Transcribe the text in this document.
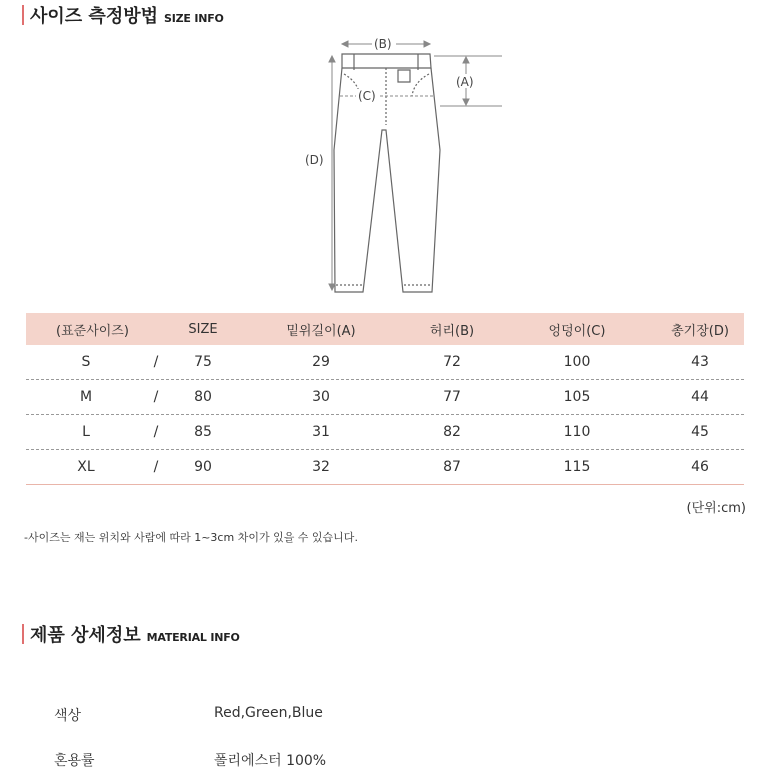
사이즈 측정방법 SIZE INFO
(B)
(A)
(C)
(D)
(표준사이즈)	SIZE	밑위길이(A)	허리(B)	엉덩이(C)	총기장(D)
S	/	75	29	72	100	43
M	/	80	30	77	105	44
L	/	85	31	82	110	45
XL	/	90	32	87	115	46
(단위:cm)
-사이즈는 재는 위치와 사람에 따라 1~3cm 차이가 있을 수 있습니다.
제품 상세정보 MATERIAL INFO
색상	Red,Green,Blue
혼용률	폴리에스터 100%
